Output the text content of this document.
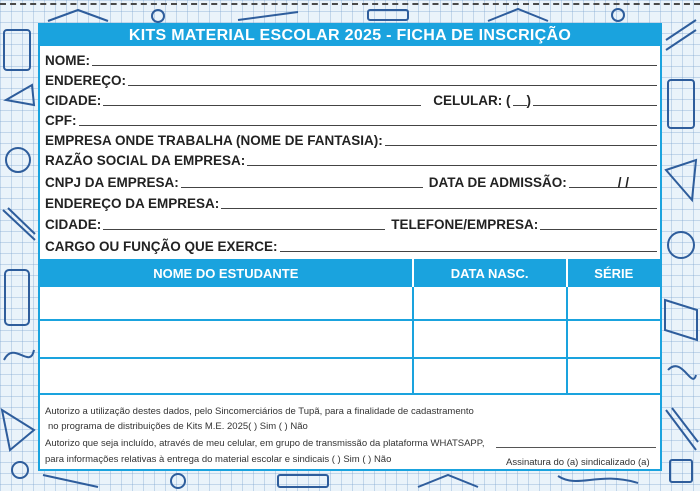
KITS MATERIAL ESCOLAR 2025 - FICHA DE INSCRIÇÃO
NOME:
ENDEREÇO:
CIDADE:	CELULAR: ( )
CPF:
EMPRESA ONDE TRABALHA (NOME DE FANTASIA):
RAZÃO SOCIAL DA EMPRESA:
CNPJ DA EMPRESA:	DATA DE ADMISSÃO:	/ /
ENDEREÇO DA EMPRESA:
CIDADE:	TELEFONE/EMPRESA:
CARGO OU FUNÇÃO QUE EXERCE:
NOME DO ESTUDANTE	DATA NASC.	SÉRIE
Autorizo a utilização destes dados, pelo Sincomerciários de Tupã, para a finalidade de cadastramento
no programa de distribuições de Kits M.E. 2025( ) Sim ( ) Não
Autorizo que seja incluído, através de meu celular, em grupo de transmissão da plataforma WHATSAPP,
para informações relativas à entrega do material escolar e sindicais ( ) Sim ( ) Não	Assinatura do (a) sindicalizado (a)
